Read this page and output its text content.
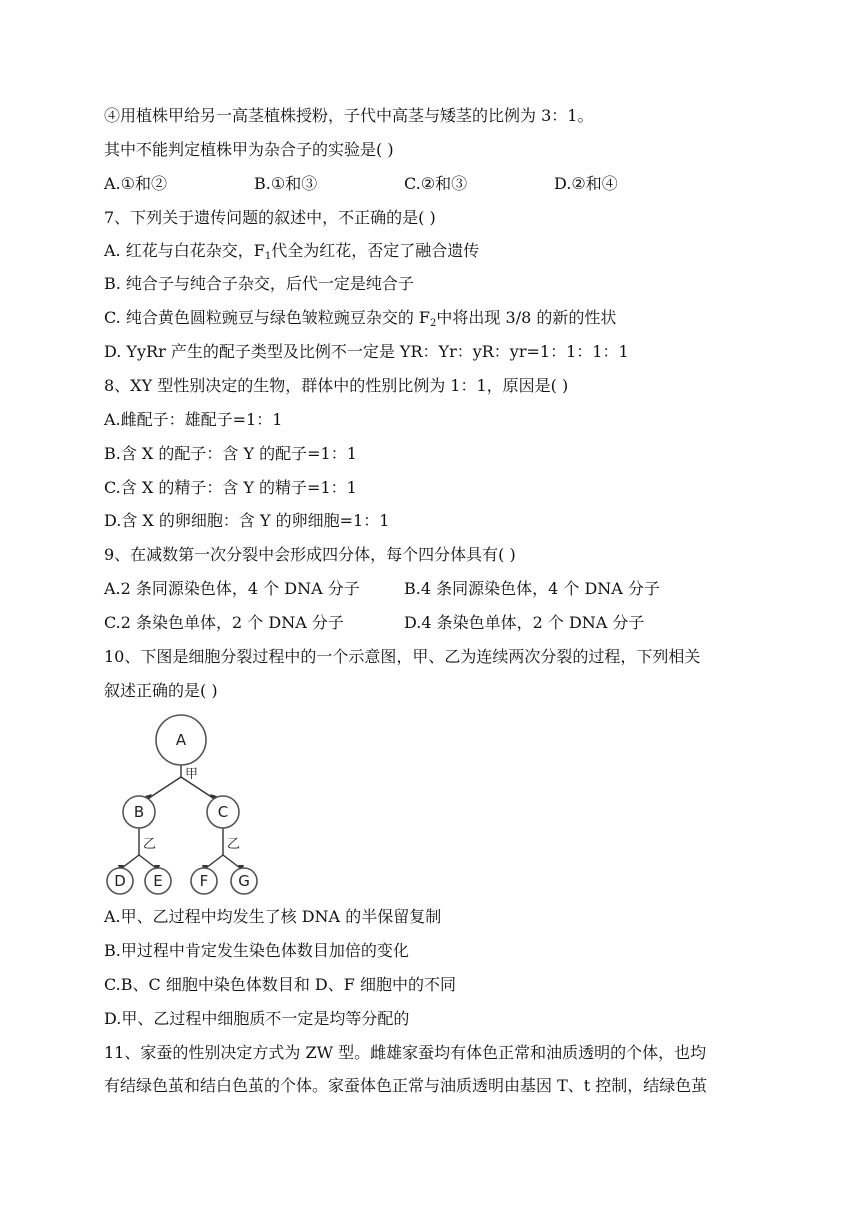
④用植株甲给另一高茎植株授粉，子代中高茎与矮茎的比例为 3：1。
其中不能判定植株甲为杂合子的实验是( )
A.①和②	B.①和③	C.②和③	D.②和④
7、下列关于遗传问题的叙述中，不正确的是( )
A. 红花与白花杂交，$F_1$代全为红花，否定了融合遗传
B. 纯合子与纯合子杂交，后代一定是纯合子
C. 纯合黄色圆粒豌豆与绿色皱粒豌豆杂交的 $F_2$中将出现 3/8 的新的性状
D. YyRr 产生的配子类型及比例不一定是 YR：Yr：yR：yr=1：1：1：1
8、XY 型性别决定的生物，群体中的性别比例为 1：1，原因是( )
A.雌配子：雄配子=1：1
B.含 X 的配子：含 Y 的配子=1：1
C.含 X 的精子：含 Y 的精子=1：1
D.含 X 的卵细胞：含 Y 的卵细胞=1：1
9、在减数第一次分裂中会形成四分体，每个四分体具有( )
A.2 条同源染色体，4 个 DNA 分子	B.4 条同源染色体，4 个 DNA 分子
C.2 条染色单体，2 个 DNA 分子	D.4 条染色单体，2 个 DNA 分子
10、下图是细胞分裂过程中的一个示意图，甲、乙为连续两次分裂的过程，下列相关
叙述正确的是( )
A
B	C
D E F G
甲
乙	乙
A.甲、乙过程中均发生了核 DNA 的半保留复制
B.甲过程中肯定发生染色体数目加倍的变化
C.B、C 细胞中染色体数目和 D、F 细胞中的不同
D.甲、乙过程中细胞质不一定是均等分配的
11、家蚕的性别决定方式为 ZW 型。雌雄家蚕均有体色正常和油质透明的个体，也均
有结绿色茧和结白色茧的个体。家蚕体色正常与油质透明由基因 T、t 控制，结绿色茧
